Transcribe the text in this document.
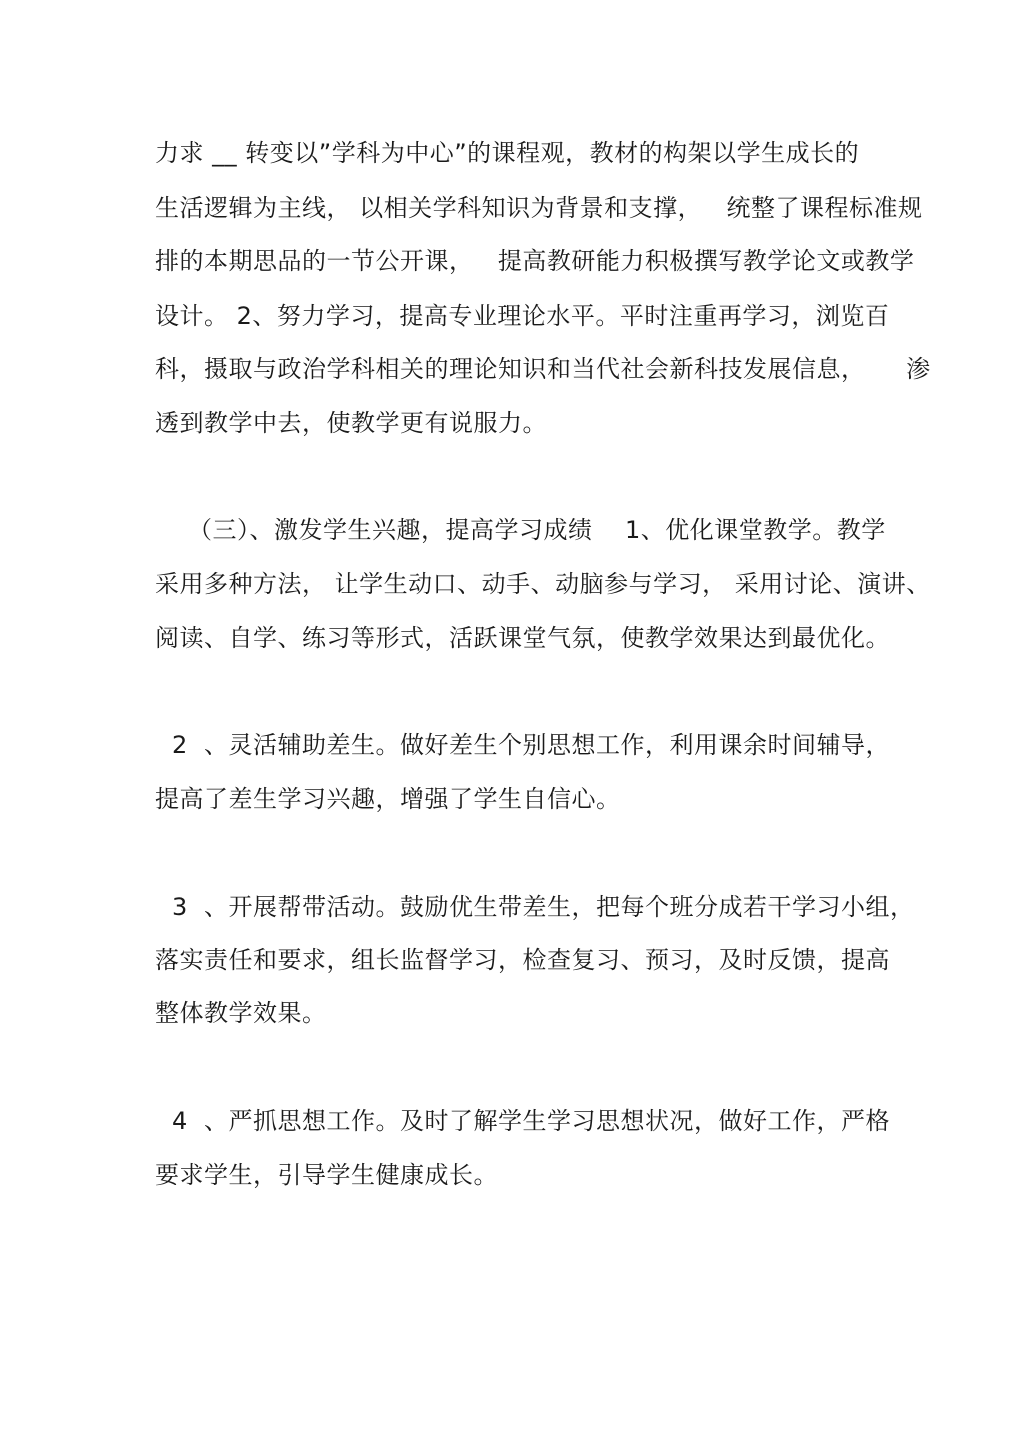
力求 __ 转变以”学科为中心”的课程观，教材的构架以学生成长的
生活逻辑为主线， 以相关学科知识为背景和支撑，   统整了课程标准规
排的本期思品的一节公开课，   提高教研能力积极撰写教学论文或教学
设计。 2、努力学习，提高专业理论水平。平时注重再学习，浏览百
科，摄取与政治学科相关的理论知识和当代社会新科技发展信息，     渗
透到教学中去，使教学更有说服力。
（三）、激发学生兴趣，提高学习成绩    1、优化课堂教学。教学
采用多种方法， 让学生动口、动手、动脑参与学习， 采用讨论、演讲、
阅读、自学、练习等形式，活跃课堂气氛，使教学效果达到最优化。
2  、灵活辅助差生。做好差生个别思想工作，利用课余时间辅导，
提高了差生学习兴趣，增强了学生自信心。
3  、开展帮带活动。鼓励优生带差生，把每个班分成若干学习小组，
落实责任和要求，组长监督学习，检查复习、预习，及时反馈，提高
整体教学效果。
4  、严抓思想工作。及时了解学生学习思想状况，做好工作，严格
要求学生，引导学生健康成长。
